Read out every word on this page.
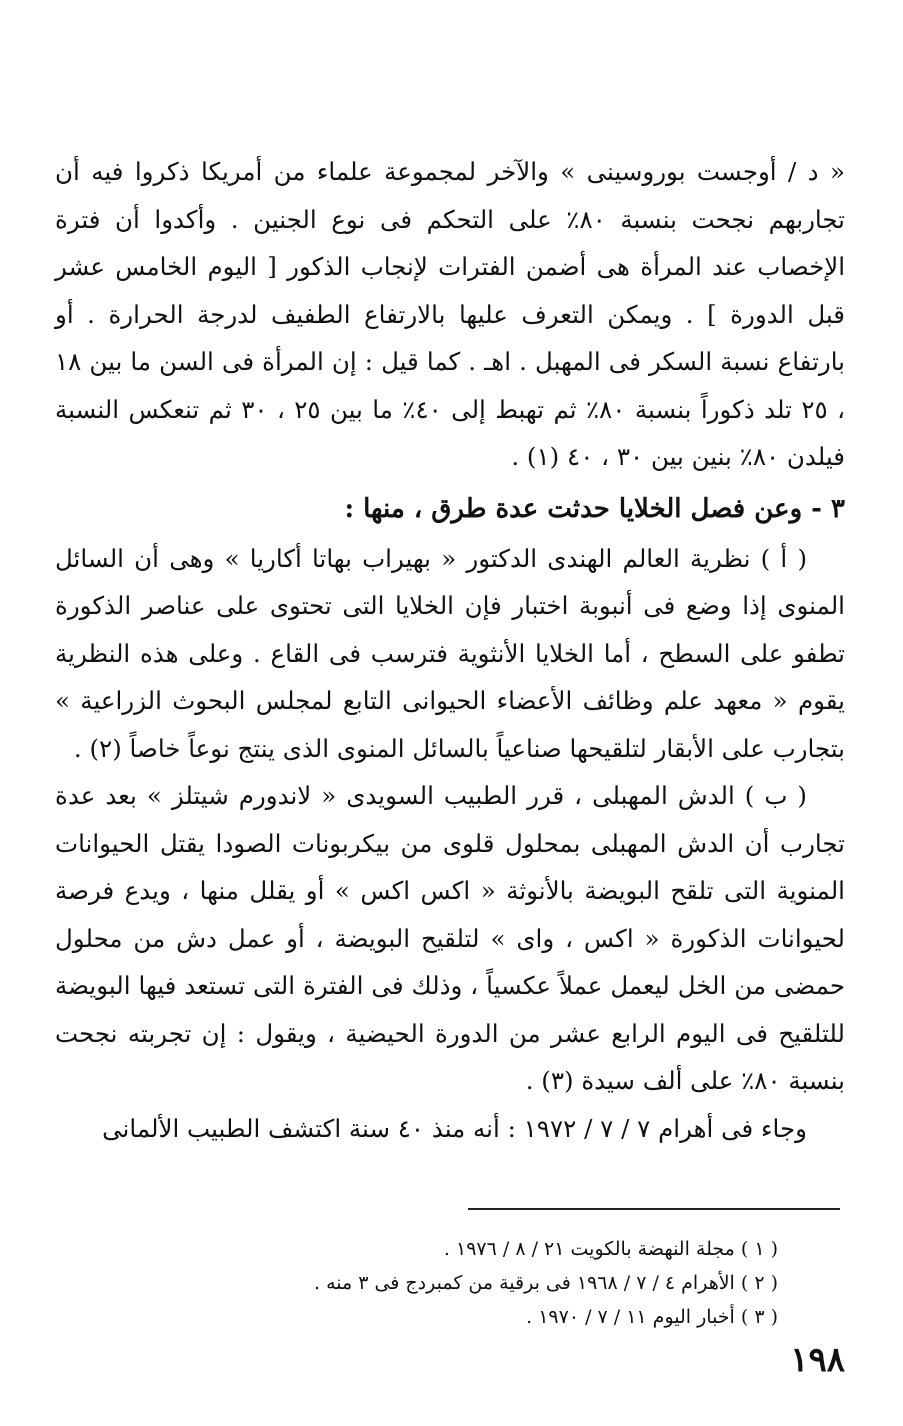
« د / أوجست بوروسينى » والآخر لمجموعة علماء من أمريكا ذكروا فيه أن تجاربهم نجحت بنسبة ٨٠٪ على التحكم فى نوع الجنين . وأكدوا أن فترة الإخصاب عند المرأة هى أضمن الفترات لإنجاب الذكور [ اليوم الخامس عشر قبل الدورة ] . ويمكن التعرف عليها بالارتفاع الطفيف لدرجة الحرارة . أو بارتفاع نسبة السكر فى المهبل . اهـ . كما قيل : إن المرأة فى السن ما بين ١٨ ، ٢٥ تلد ذكوراً بنسبة ٨٠٪ ثم تهبط إلى ٤٠٪ ما بين ٢٥ ، ٣٠ ثم تنعكس النسبة فيلدن ٨٠٪ بنين بين ٣٠ ، ٤٠ (١) .

٣ - وعن فصل الخلايا حدثت عدة طرق ، منها :

( أ ) نظرية العالم الهندى الدكتور « بهيراب بهاتا أكاريا » وهى أن السائل المنوى إذا وضع فى أنبوبة اختبار فإن الخلايا التى تحتوى على عناصر الذكورة تطفو على السطح ، أما الخلايا الأنثوية فترسب فى القاع . وعلى هذه النظرية يقوم « معهد علم وظائف الأعضاء الحيوانى التابع لمجلس البحوث الزراعية » بتجارب على الأبقار لتلقيحها صناعياً بالسائل المنوى الذى ينتج نوعاً خاصاً (٢) .

( ب ) الدش المهبلى ، قرر الطبيب السويدى « لاندورم شيتلز » بعد عدة تجارب أن الدش المهبلى بمحلول قلوى من بيكربونات الصودا يقتل الحيوانات المنوية التى تلقح البويضة بالأنوثة « اكس اكس » أو يقلل منها ، ويدع فرصة لحيوانات الذكورة « اكس ، واى » لتلقيح البويضة ، أو عمل دش من محلول حمضى من الخل ليعمل عملاً عكسياً ، وذلك فى الفترة التى تستعد فيها البويضة للتلقيح فى اليوم الرابع عشر من الدورة الحيضية ، ويقول : إن تجربته نجحت بنسبة ٨٠٪ على ألف سيدة (٣) .

وجاء فى أهرام ٧ / ٧ / ١٩٧٢ : أنه منذ ٤٠ سنة اكتشف الطبيب الألمانى

( ١ ) مجلة النهضة بالكويت ٢١ / ٨ / ١٩٧٦ .

( ٢ ) الأهرام ٤ / ٧ / ١٩٦٨ فى برقية من كمبردج فى ٣ منه .

( ٣ ) أخبار اليوم ١١ / ٧ / ١٩٧٠ .

١٩٨
